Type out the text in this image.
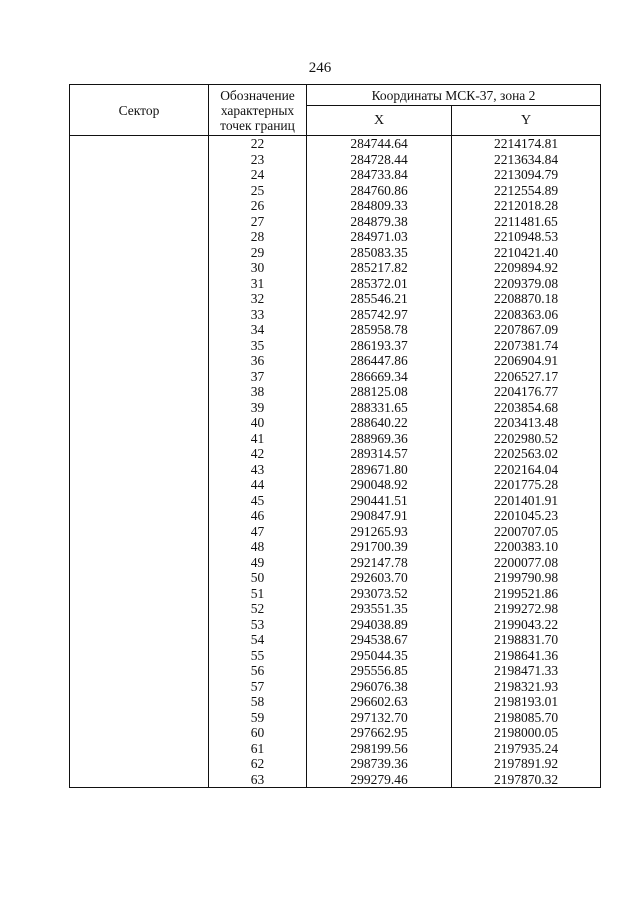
246
Сектор	Обозначение характерных точек границ	Координаты МСК-37, зона 2	
		X	Y
	22	284744.64	2214174.81
	23	284728.44	2213634.84
	24	284733.84	2213094.79
	25	284760.86	2212554.89
	26	284809.33	2212018.28
	27	284879.38	2211481.65
	28	284971.03	2210948.53
	29	285083.35	2210421.40
	30	285217.82	2209894.92
	31	285372.01	2209379.08
	32	285546.21	2208870.18
	33	285742.97	2208363.06
	34	285958.78	2207867.09
	35	286193.37	2207381.74
	36	286447.86	2206904.91
	37	286669.34	2206527.17
	38	288125.08	2204176.77
	39	288331.65	2203854.68
	40	288640.22	2203413.48
	41	288969.36	2202980.52
	42	289314.57	2202563.02
	43	289671.80	2202164.04
	44	290048.92	2201775.28
	45	290441.51	2201401.91
	46	290847.91	2201045.23
	47	291265.93	2200707.05
	48	291700.39	2200383.10
	49	292147.78	2200077.08
	50	292603.70	2199790.98
	51	293073.52	2199521.86
	52	293551.35	2199272.98
	53	294038.89	2199043.22
	54	294538.67	2198831.70
	55	295044.35	2198641.36
	56	295556.85	2198471.33
	57	296076.38	2198321.93
	58	296602.63	2198193.01
	59	297132.70	2198085.70
	60	297662.95	2198000.05
	61	298199.56	2197935.24
	62	298739.36	2197891.92
	63	299279.46	2197870.32
